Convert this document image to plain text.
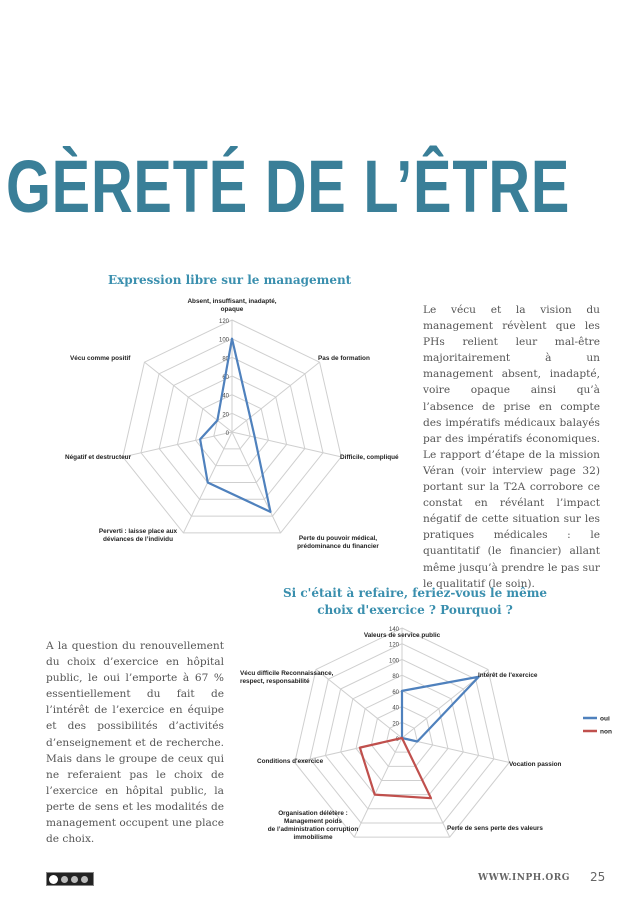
GÈRETÉ DE L’ÊTRE
Expression libre sur le management
Si c'était à refaire, feriez-vous le même choix d'exercice ? Pourquoi ?
0
20
40
60
80
100
120
Absent, insuffisant, inadapté, opaque
Pas de formation
Difficile, compliqué
Perte du pouvoir médical, prédominance du financier
Perverti : laisse place aux déviances de l’individu
Négatif et destructeur
Vécu comme positif
0
20
40
60
80
100
120
140
Valeurs de service public
Intérêt de l'exercice
Vocation passion
Perte de sens perte des valeurs
Organisation délétère : Management poids de l’administration corruption immobilisme
Conditions d'exercice
Vécu difficile Reconnaissance, respect, responsabilité
oui
non

Le vécu et la vision du management révèlent que les PHs relient leur mal-être majoritairement à un management absent, inadapté, voire opaque ainsi qu’à l’absence de prise en compte des impératifs médicaux balayés par des impératifs économiques. Le rapport d’étape de la mission Véran (voir interview page 32) portant sur la T2A corrobore ce constat en révélant l’impact négatif de cette situation sur les pratiques médicales : le quantitatif (le financier) allant même jusqu’à prendre le pas sur le qualitatif (le soin).

A la question du renouvellement du choix d’exercice en hôpital public, le oui l’emporte à 67 % essentiellement du fait de l’intérêt de l’exercice en équipe et des possibilités d’activités d’enseignement et de recherche. Mais dans le groupe de ceux qui ne referaient pas le choix de l’exercice en hôpital public, la perte de sens et les modalités de management occupent une place de choix.

WWW.INPH.ORG 25
